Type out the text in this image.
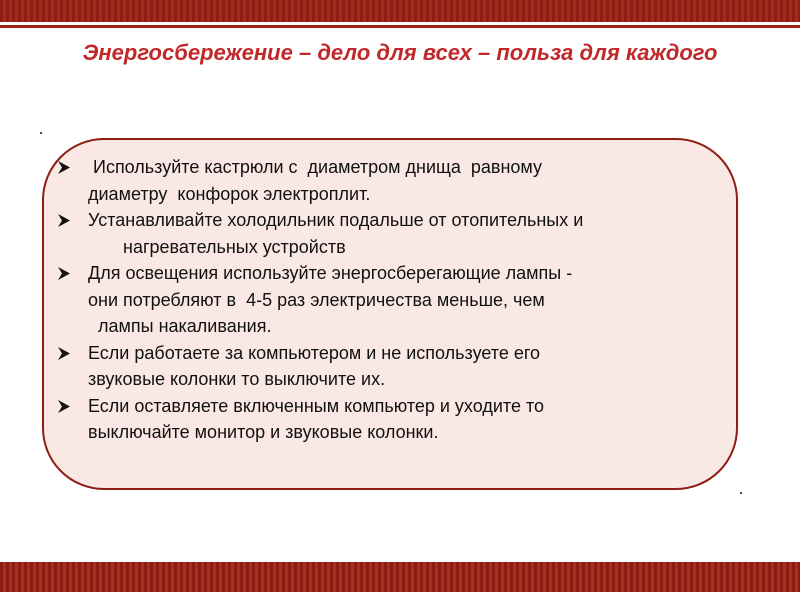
Энергосбережение – дело для всех – польза для каждого
Используйте кастрюли с  диаметром днища  равному
диаметру  конфорок электроплит.
Устанавливайте холодильник подальше от отопительных и
нагревательных устройств
Для освещения используйте энергосберегающие лампы -
они потребляют в  4-5 раз электричества меньше, чем
лампы накаливания.
Если работаете за компьютером и не используете его
звуковые колонки то выключите их.
Если оставляете включенным компьютер и уходите то
выключайте монитор и звуковые колонки.
